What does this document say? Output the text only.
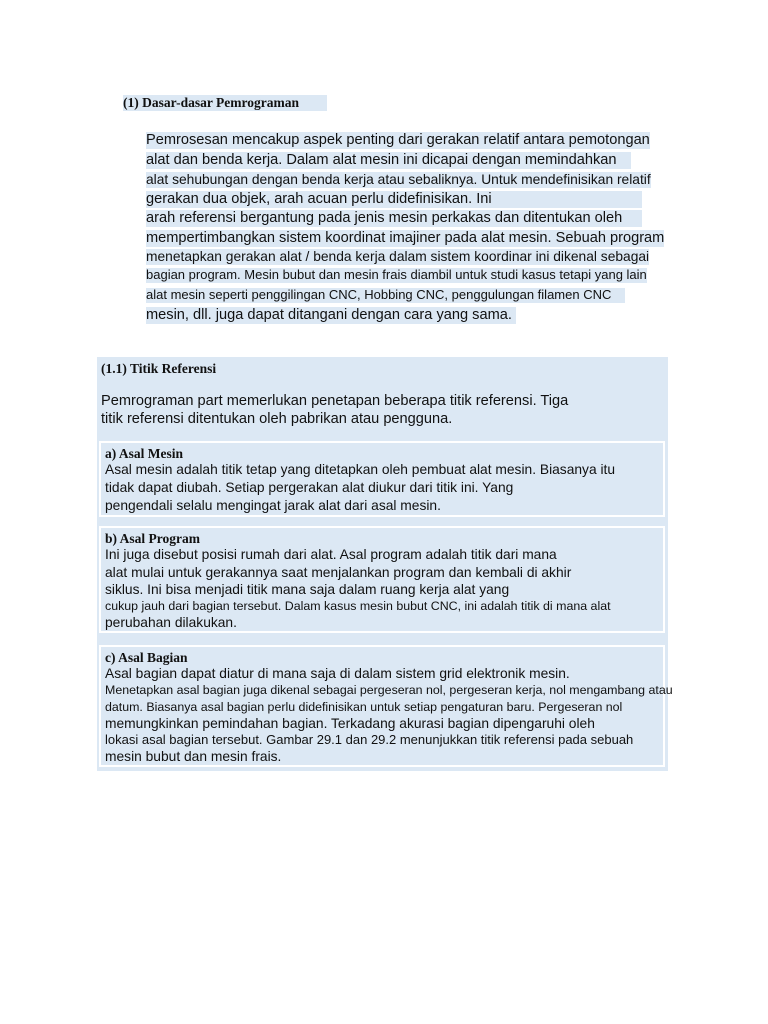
(1) Dasar-dasar Pemrograman
Pemrosesan mencakup aspek penting dari gerakan relatif antara pemotongan
alat dan benda kerja. Dalam alat mesin ini dicapai dengan memindahkan
alat sehubungan dengan benda kerja atau sebaliknya. Untuk mendefinisikan relatif
gerakan dua objek, arah acuan perlu didefinisikan. Ini
arah referensi bergantung pada jenis mesin perkakas dan ditentukan oleh
mempertimbangkan sistem koordinat imajiner pada alat mesin. Sebuah program
menetapkan gerakan alat / benda kerja dalam sistem koordinar ini dikenal sebagai
bagian program. Mesin bubut dan mesin frais diambil untuk studi kasus tetapi yang lain
alat mesin seperti penggilingan CNC, Hobbing CNC, penggulungan filamen CNC
mesin, dll. juga dapat ditangani dengan cara yang sama.
(1.1) Titik Referensi
Pemrograman part memerlukan penetapan beberapa titik referensi. Tiga
titik referensi ditentukan oleh pabrikan atau pengguna.
a) Asal Mesin
Asal mesin adalah titik tetap yang ditetapkan oleh pembuat alat mesin. Biasanya itu
tidak dapat diubah. Setiap pergerakan alat diukur dari titik ini. Yang
pengendali selalu mengingat jarak alat dari asal mesin.
b) Asal Program
Ini juga disebut posisi rumah dari alat. Asal program adalah titik dari mana
alat mulai untuk gerakannya saat menjalankan program dan kembali di akhir
siklus. Ini bisa menjadi titik mana saja dalam ruang kerja alat yang
cukup jauh dari bagian tersebut. Dalam kasus mesin bubut CNC, ini adalah titik di mana alat
perubahan dilakukan.
c) Asal Bagian
Asal bagian dapat diatur di mana saja di dalam sistem grid elektronik mesin.
Menetapkan asal bagian juga dikenal sebagai pergeseran nol, pergeseran kerja, nol mengambang atau
datum. Biasanya asal bagian perlu didefinisikan untuk setiap pengaturan baru. Pergeseran nol
memungkinkan pemindahan bagian. Terkadang akurasi bagian dipengaruhi oleh
lokasi asal bagian tersebut. Gambar 29.1 dan 29.2 menunjukkan titik referensi pada sebuah
mesin bubut dan mesin frais.
